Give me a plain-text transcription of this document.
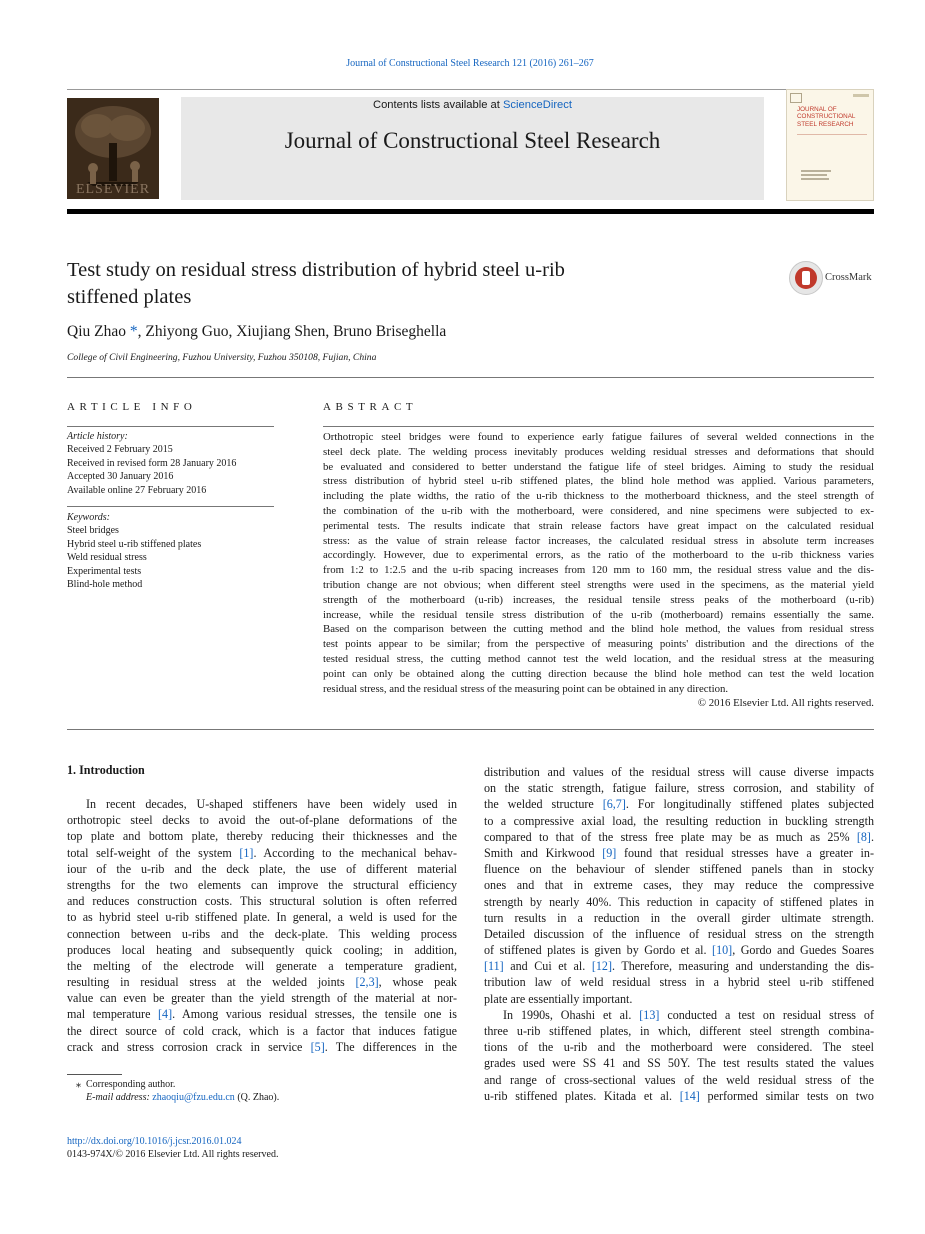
Journal of Constructional Steel Research 121 (2016) 261–267
ELSEVIER
Contents lists available at ScienceDirect
Journal of Constructional Steel Research
JOURNAL OF
CONSTRUCTIONAL
STEEL RESEARCH
Test study on residual stress distribution of hybrid steel u-rib
stiffened plates
CrossMark
Qiu Zhao *, Zhiyong Guo, Xiujiang Shen, Bruno Briseghella
College of Civil Engineering, Fuzhou University, Fuzhou 350108, Fujian, China
ARTICLE INFO
Article history:
Received 2 February 2015
Received in revised form 28 January 2016
Accepted 30 January 2016
Available online 27 February 2016
Keywords:
Steel bridges
Hybrid steel u-rib stiffened plates
Weld residual stress
Experimental tests
Blind-hole method
ABSTRACT
Orthotropic steel bridges were found to experience early fatigue failures of several welded connections in the
steel deck plate. The welding process inevitably produces welding residual stresses and deformations that should
be evaluated and considered to better understand the fatigue life of steel bridges. Aiming to study the residual
stress distribution of hybrid steel u-rib stiffened plates, the blind hole method was applied. Various parameters,
including the plate widths, the ratio of the u-rib thickness to the motherboard thickness, and the steel strength of
the combination of the u-rib with the motherboard, were considered, and nine specimens were subjected to ex-
perimental tests. The results indicate that strain release factors have great impact on the calculated residual
stress: as the value of strain release factor increases, the calculated residual stress in absolute term increases
accordingly. However, due to experimental errors, as the ratio of the motherboard to the u-rib thickness varies
from 1:2 to 1:2.5 and the u-rib spacing increases from 120 mm to 160 mm, the residual stress value and the dis-
tribution change are not obvious; when different steel strengths were used in the specimens, as the material yield
strength of the motherboard (u-rib) increases, the residual tensile stress peaks of the motherboard (u-rib)
increase, while the residual tensile stress distribution of the u-rib (motherboard) remains essentially the same.
Based on the comparison between the cutting method and the blind hole method, the values from residual stress
test points appear to be similar; from the perspective of measuring points' distribution and the directions of the
tested residual stress, the cutting method cannot test the weld location, and the residual stress at the measuring
point can only be obtained along the cutting direction because the blind hole method can test the weld location
residual stress, and the residual stress of the measuring point can be obtained in any direction.
© 2016 Elsevier Ltd. All rights reserved.
1. Introduction
In recent decades, U-shaped stiffeners have been widely used in
orthotropic steel decks to avoid the out-of-plane deformations of the
top plate and bottom plate, thereby reducing their thicknesses and the
total self-weight of the system [1]. According to the mechanical behav-
iour of the u-rib and the deck plate, the use of different material
strengths for the two elements can improve the structural efficiency
and reduces construction costs. This structural solution is often referred
to as hybrid steel u-rib stiffened plate. In general, a weld is used for the
connection between u-ribs and the deck-plate. This welding process
produces local heating and subsequently quick cooling; in addition,
the melting of the electrode will generate a temperature gradient,
resulting in residual stress at the welded joints [2,3], whose peak
value can even be greater than the yield strength of the material at nor-
mal temperature [4]. Among various residual stresses, the tensile one is
the direct source of cold crack, which is a factor that induces fatigue
crack and stress corrosion crack in service [5]. The differences in the
distribution and values of the residual stress will cause diverse impacts
on the static strength, fatigue failure, stress corrosion, and stability of
the welded structure [6,7]. For longitudinally stiffened plates subjected
to a compressive axial load, the resulting reduction in buckling strength
compared to that of the stress free plate may be as much as 25% [8].
Smith and Kirkwood [9] found that residual stresses have a greater in-
fluence on the behaviour of slender stiffened panels than in stocky
ones and that in extreme cases, they may reduce the compressive
strength by nearly 40%. This reduction in capacity of stiffened plates in
turn results in a reduction in the overall girder ultimate strength.
Detailed discussion of the influence of residual stress on the strength
of stiffened plates is given by Gordo et al. [10], Gordo and Guedes Soares
[11] and Cui et al. [12]. Therefore, measuring and understanding the dis-
tribution law of weld residual stress in a hybrid steel u-rib stiffened
plate are essentially important.
In 1990s, Ohashi et al. [13] conducted a test on residual stress of
three u-rib stiffened plates, in which, different steel strength combina-
tions of the u-rib and the motherboard were considered. The steel
grades used were SS 41 and SS 50Y. The test results stated the values
and range of cross-sectional values of the weld residual stress of the
u-rib stiffened plates. Kitada et al. [14] performed similar tests on two
⁎ Corresponding author.
E-mail address: zhaoqiu@fzu.edu.cn (Q. Zhao).
http://dx.doi.org/10.1016/j.jcsr.2016.01.024
0143-974X/© 2016 Elsevier Ltd. All rights reserved.
